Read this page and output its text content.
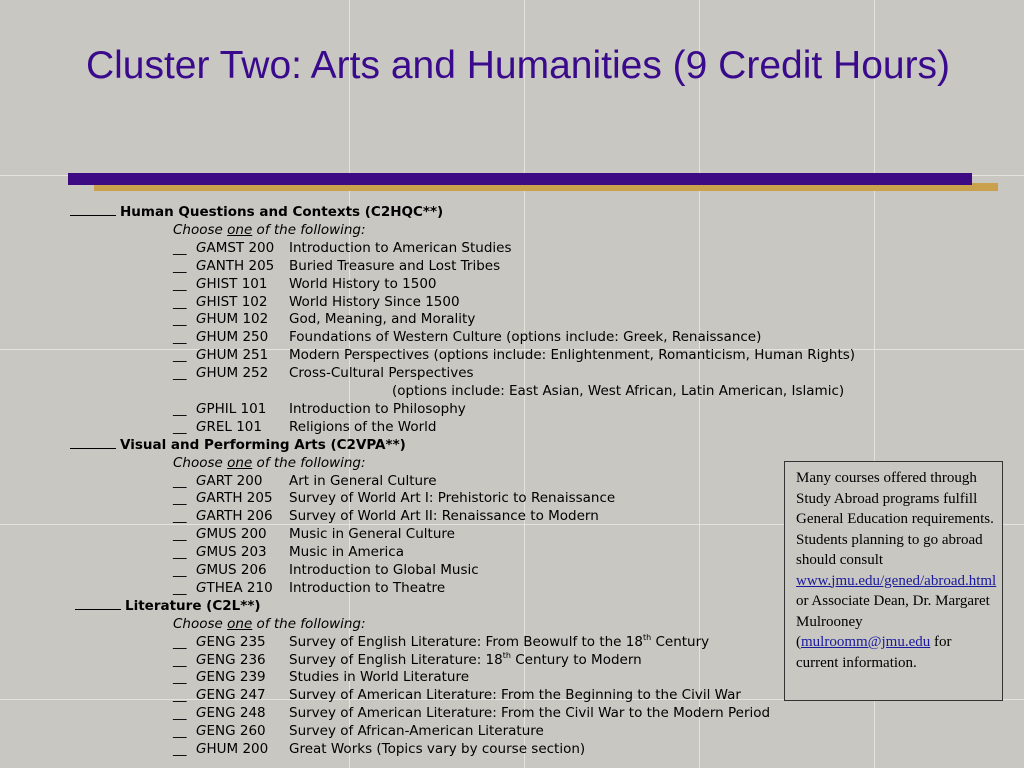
Cluster Two: Arts and Humanities (9 Credit Hours)
Human Questions and Contexts (C2HQC**)
Choose one of the following:
__ GAMST 200 Introduction to American Studies
__ GANTH 205 Buried Treasure and Lost Tribes
__ GHIST 101 World History to 1500
__ GHIST 102 World History Since 1500
__ GHUM 102 God, Meaning, and Morality
__ GHUM 250 Foundations of Western Culture (options include: Greek, Renaissance)
__ GHUM 251 Modern Perspectives (options include: Enlightenment, Romanticism, Human Rights)
__ GHUM 252 Cross-Cultural Perspectives
(options include: East Asian, West African, Latin American, Islamic)
__ GPHIL 101 Introduction to Philosophy
__ GREL 101 Religions of the World
Visual and Performing Arts (C2VPA**)
Choose one of the following:
__ GART 200 Art in General Culture
__ GARTH 205 Survey of World Art I: Prehistoric to Renaissance
__ GARTH 206 Survey of World Art II: Renaissance to Modern
__ GMUS 200 Music in General Culture
__ GMUS 203 Music in America
__ GMUS 206 Introduction to Global Music
__ GTHEA 210 Introduction to Theatre
Literature (C2L**)
Choose one of the following:
__ GENG 235 Survey of English Literature: From Beowulf to the 18th Century
__ GENG 236 Survey of English Literature: 18th Century to Modern
__ GENG 239 Studies in World Literature
__ GENG 247 Survey of American Literature: From the Beginning to the Civil War
__ GENG 248 Survey of American Literature: From the Civil War to the Modern Period
__ GENG 260 Survey of African-American Literature
__ GHUM 200 Great Works (Topics vary by course section)
Many courses offered through Study Abroad programs fulfill General Education requirements. Students planning to go abroad should consult www.jmu.edu/gened/abroad.html or Associate Dean, Dr. Margaret Mulrooney (mulroomm@jmu.edu for current information.
